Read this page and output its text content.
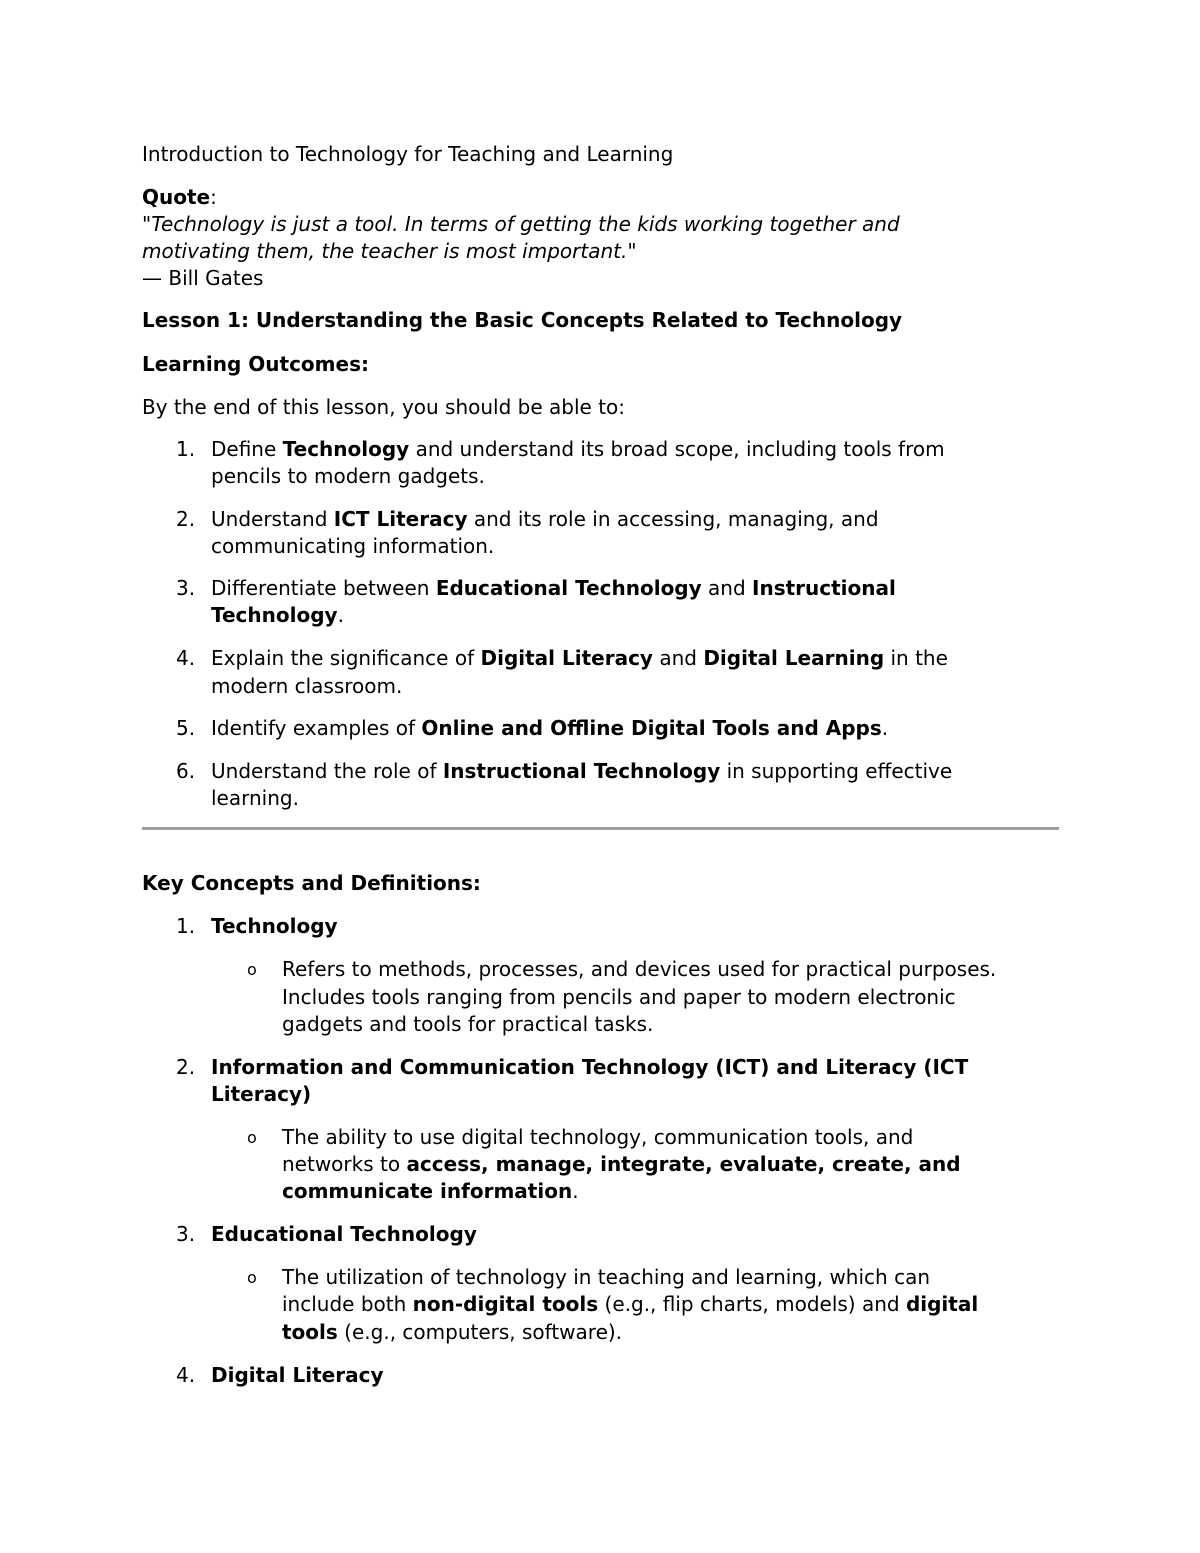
Introduction to Technology for Teaching and Learning
Quote:
"Technology is just a tool. In terms of getting the kids working together and
motivating them, the teacher is most important."
— Bill Gates
Lesson 1: Understanding the Basic Concepts Related to Technology
Learning Outcomes:
By the end of this lesson, you should be able to:
1. Define Technology and understand its broad scope, including tools from
pencils to modern gadgets.
2. Understand ICT Literacy and its role in accessing, managing, and
communicating information.
3. Differentiate between Educational Technology and Instructional
Technology.
4. Explain the significance of Digital Literacy and Digital Learning in the
modern classroom.
5. Identify examples of Online and Offline Digital Tools and Apps.
6. Understand the role of Instructional Technology in supporting effective
learning.
Key Concepts and Definitions:
1. Technology
o Refers to methods, processes, and devices used for practical purposes.
Includes tools ranging from pencils and paper to modern electronic
gadgets and tools for practical tasks.
2. Information and Communication Technology (ICT) and Literacy (ICT
Literacy)
o The ability to use digital technology, communication tools, and
networks to access, manage, integrate, evaluate, create, and
communicate information.
3. Educational Technology
o The utilization of technology in teaching and learning, which can
include both non-digital tools (e.g., flip charts, models) and digital
tools (e.g., computers, software).
4. Digital Literacy
